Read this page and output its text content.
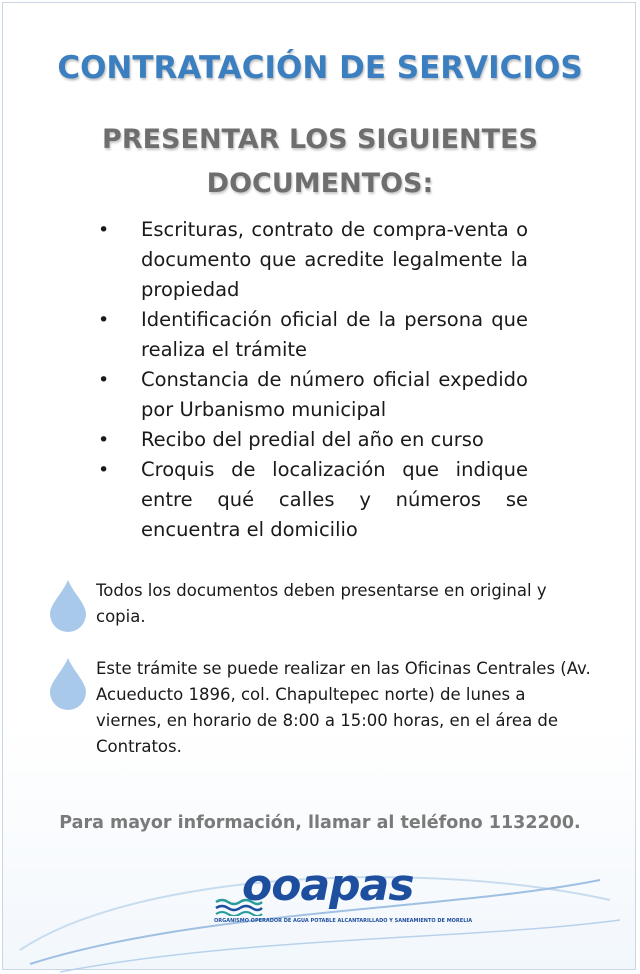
CONTRATACIÓN DE SERVICIOS
PRESENTAR LOS SIGUIENTES
DOCUMENTOS:
• Escrituras, contrato de compra-venta o documento que acredite legalmente la propiedad
• Identificación oficial de la persona que realiza el trámite
• Constancia de número oficial expedido por Urbanismo municipal
• Recibo del predial del año en curso
• Croquis de localización que indique entre qué calles y números se encuentra el domicilio
Todos los documentos deben presentarse en original y copia.
Este trámite se puede realizar en las Oficinas Centrales (Av. Acueducto 1896, col. Chapultepec norte) de lunes a viernes, en horario de 8:00 a 15:00 horas, en el área de Contratos.
Para mayor información, llamar al teléfono 1132200.
ooapas
ORGANISMO OPERADOR DE AGUA POTABLE ALCANTARILLADO Y SANEAMIENTO DE MORELIA
